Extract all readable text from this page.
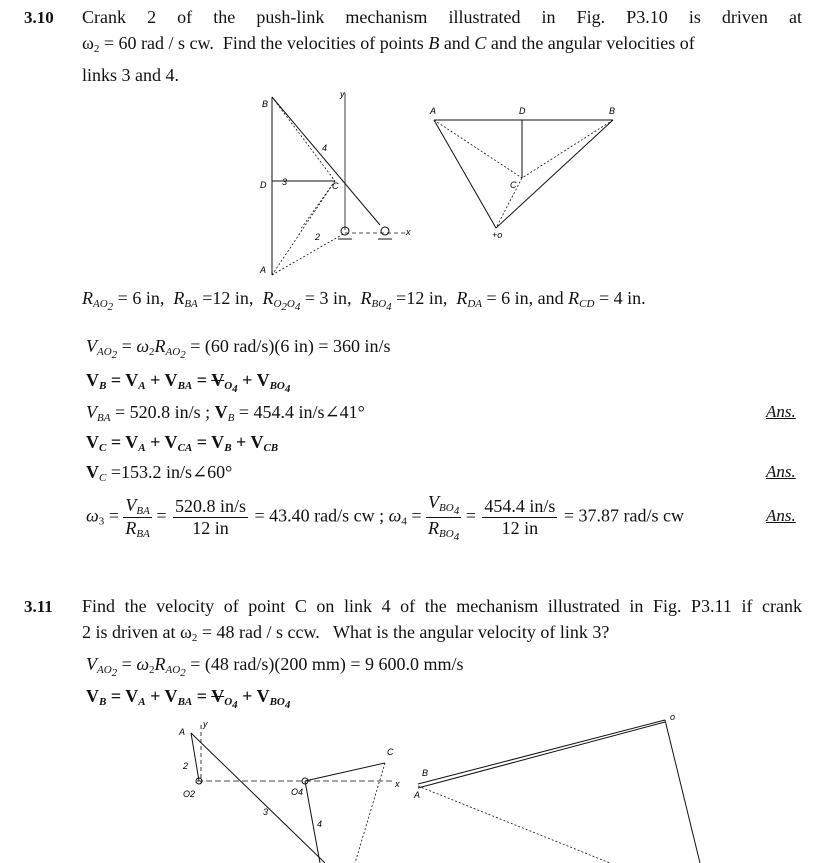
3.10 Crank 2 of the push-link mechanism illustrated in Fig. P3.10 is driven at
$\omega_2 = 60$ rad / s cw.  Find the velocities of points B and C and the angular velocities of
links 3 and 4.
B
y
4
D 3	C
2
A
x
A	D	B
C
+o
$R_{AO_2} = 6$ in,  $R_{BA} =12$ in,  $R_{O_2O_4} = 3$ in,  $R_{BO_4} =12$ in,  $R_{DA} = 6$ in, and $R_{CD} = 4$ in.
$V_{AO_2} = \omega_2R_{AO_2} = (60$ rad/s)(6 in) = 360 in/s
$V_B = V_A + V_{BA} = V_{O_4} + V_{BO_4}$
$V_{BA} = 520.8$ in/s ; $V_B = 454.4$ in/s∠41°	Ans.
$V_C = V_A + V_{CA} = V_B + V_{CB}$
$V_C =153.2$ in/s∠60°	Ans.
$\omega_3 = \frac{V_{BA}}{R_{BA}} = \frac{520.8 in/s}{12 in} = 43.40$ rad/s cw ; $\omega_4 = \frac{V_{BO_4}}{R_{BO_4}} = \frac{454.4 in/s}{12 in} = 37.87$ rad/s cw	Ans.
3.11 Find the velocity of point C on link 4 of the mechanism illustrated in Fig. P3.11 if crank
2 is driven at $\omega_2 = 48$ rad / s ccw.   What is the angular velocity of link 3?
$V_{AO_2} = \omega_2R_{AO_2} = (48$ rad/s)(200 mm) = 9 600.0 mm/s
$V_B = V_A + V_{BA} = V_{O_4} + V_{BO_4}$
A
y
2
O2
C
O4
x
3
4
B
A
o
